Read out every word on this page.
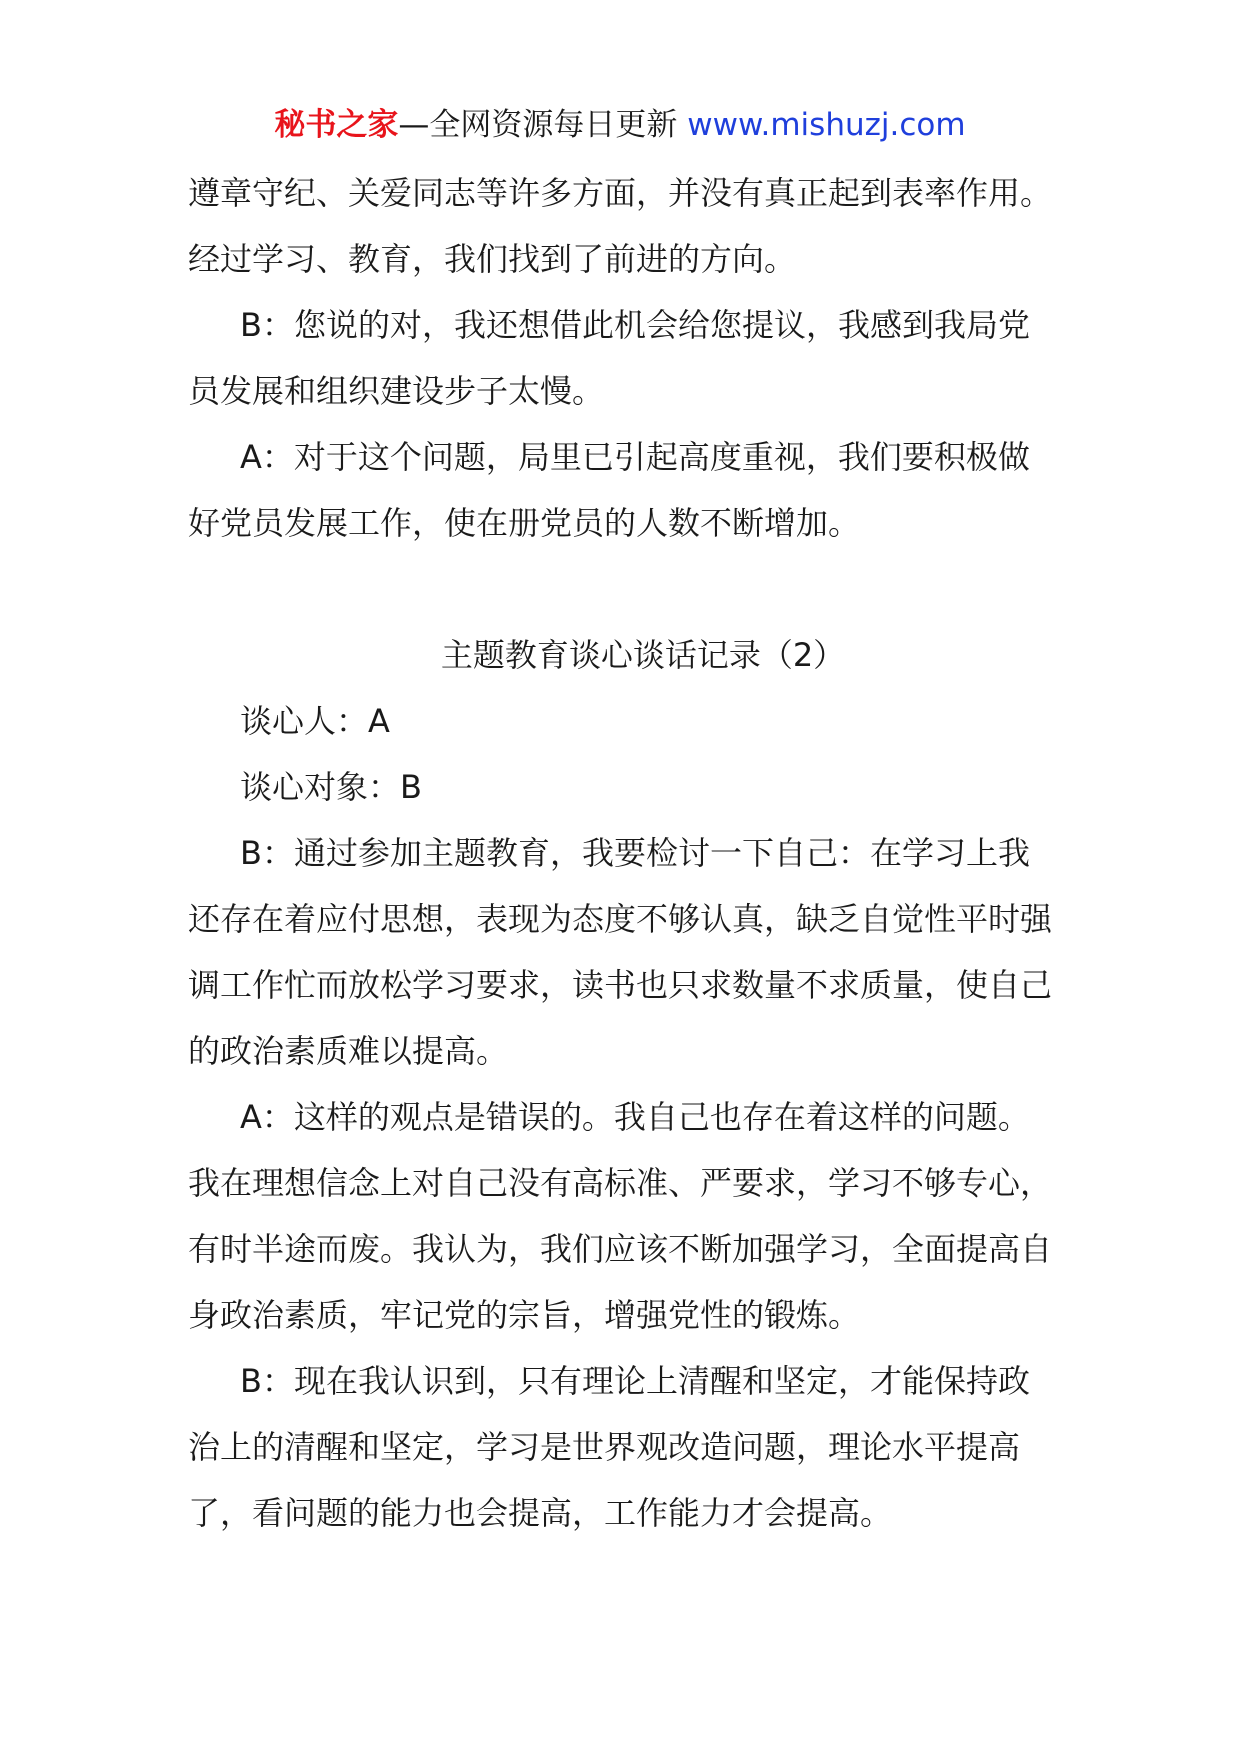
秘书之家—全网资源每日更新 www.mishuzj.com

遵章守纪、关爱同志等许多方面，并没有真正起到表率作用。经过学习、教育，我们找到了前进的方向。

B：您说的对，我还想借此机会给您提议，我感到我局党员发展和组织建设步子太慢。

A：对于这个问题，局里已引起高度重视，我们要积极做好党员发展工作，使在册党员的人数不断增加。

主题教育谈心谈话记录（2）

谈心人：A

谈心对象：B

B：通过参加主题教育，我要检讨一下自己：在学习上我还存在着应付思想，表现为态度不够认真，缺乏自觉性平时强调工作忙而放松学习要求，读书也只求数量不求质量，使自己的政治素质难以提高。

A：这样的观点是错误的。我自己也存在着这样的问题。我在理想信念上对自己没有高标准、严要求，学习不够专心，有时半途而废。我认为，我们应该不断加强学习，全面提高自身政治素质，牢记党的宗旨，增强党性的锻炼。

B：现在我认识到，只有理论上清醒和坚定，才能保持政治上的清醒和坚定，学习是世界观改造问题，理论水平提高了，看问题的能力也会提高，工作能力才会提高。
